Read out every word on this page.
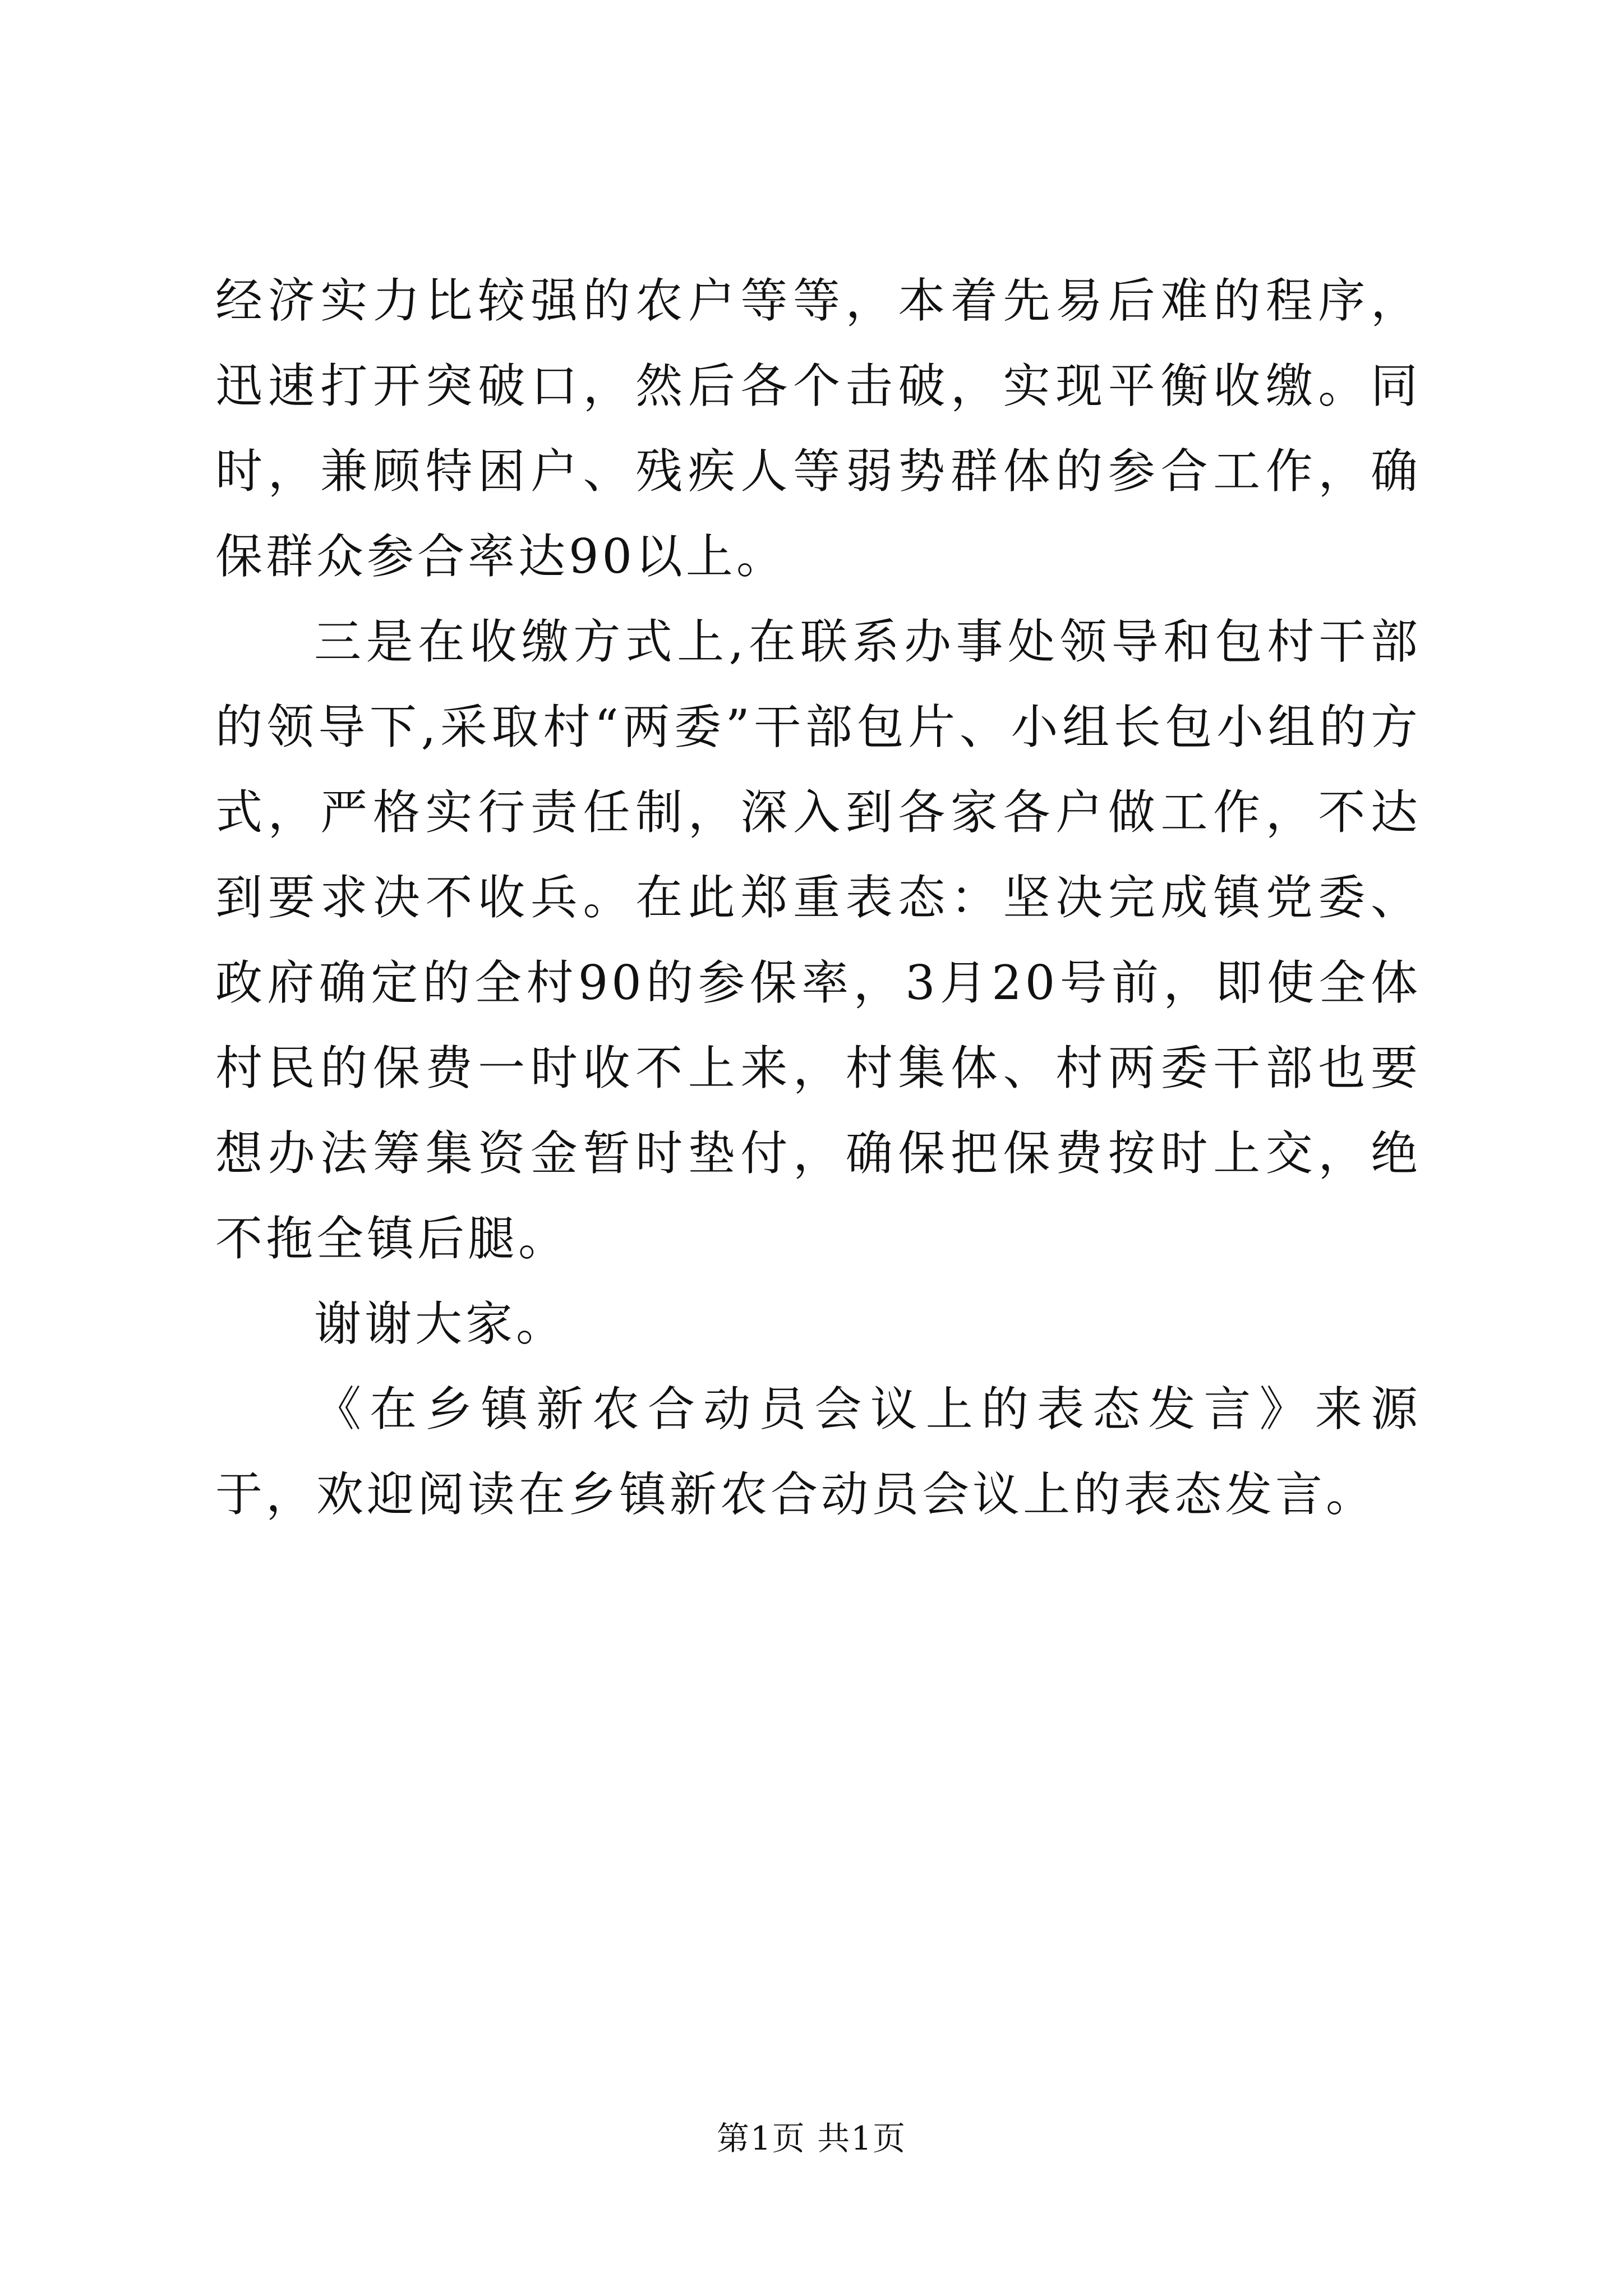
经济实力比较强的农户等等，本着先易后难的程序，迅速打开突破口，然后各个击破，实现平衡收缴。同时，兼顾特困户、残疾人等弱势群体的参合工作，确保群众参合率达90以上。

三是在收缴方式上,在联系办事处领导和包村干部的领导下,采取村“两委”干部包片、小组长包小组的方式，严格实行责任制，深入到各家各户做工作，不达到要求决不收兵。在此郑重表态：坚决完成镇党委、政府确定的全村90的参保率，3月20号前，即使全体村民的保费一时收不上来，村集体、村两委干部也要想办法筹集资金暂时垫付，确保把保费按时上交，绝不拖全镇后腿。

谢谢大家。

《在乡镇新农合动员会议上的表态发言》来源于，欢迎阅读在乡镇新农合动员会议上的表态发言。

第1页 共1页
